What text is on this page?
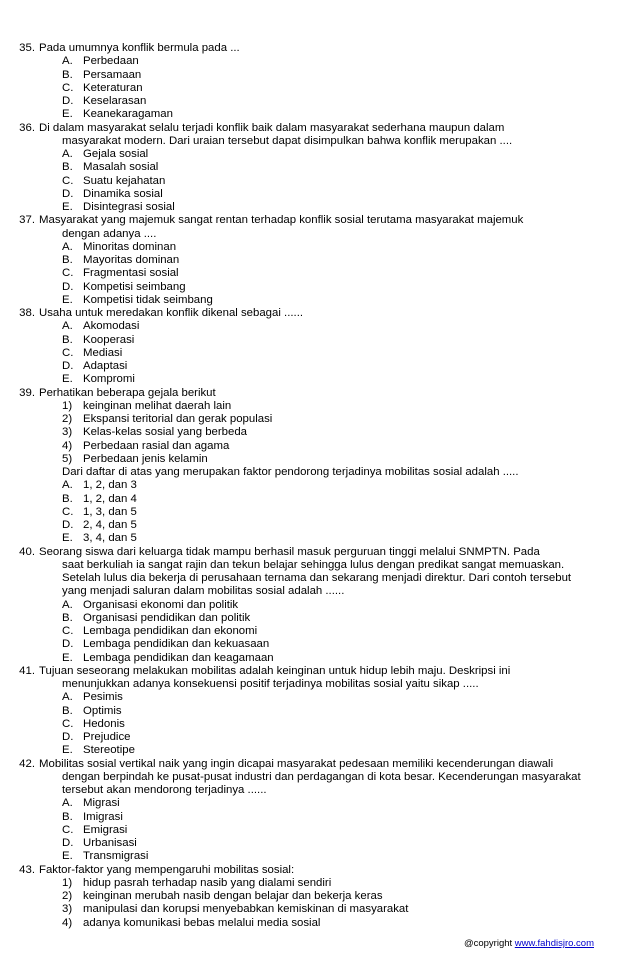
35. Pada umumnya konflik bermula pada ...
A. Perbedaan
B. Persamaan
C. Keteraturan
D. Keselarasan
E. Keanekaragaman
36. Di dalam masyarakat selalu terjadi konflik baik dalam masyarakat sederhana maupun dalam
masyarakat modern. Dari uraian tersebut dapat disimpulkan bahwa konflik merupakan ....
A. Gejala sosial
B. Masalah sosial
C. Suatu kejahatan
D. Dinamika sosial
E. Disintegrasi sosial
37. Masyarakat yang majemuk sangat rentan terhadap konflik sosial terutama masyarakat majemuk
dengan adanya ....
A. Minoritas dominan
B. Mayoritas dominan
C. Fragmentasi sosial
D. Kompetisi seimbang
E. Kompetisi tidak seimbang
38. Usaha untuk meredakan konflik dikenal sebagai ......
A. Akomodasi
B. Kooperasi
C. Mediasi
D. Adaptasi
E. Kompromi
39. Perhatikan beberapa gejala berikut
1) keinginan melihat daerah lain
2) Ekspansi teritorial dan gerak populasi
3) Kelas-kelas sosial yang berbeda
4) Perbedaan rasial dan agama
5) Perbedaan jenis kelamin
Dari daftar di atas yang merupakan faktor pendorong terjadinya mobilitas sosial adalah .....
A. 1, 2, dan 3
B. 1, 2, dan 4
C. 1, 3, dan 5
D. 2, 4, dan 5
E. 3, 4, dan 5
40. Seorang siswa dari keluarga tidak mampu berhasil masuk perguruan tinggi melalui SNMPTN. Pada
saat berkuliah ia sangat rajin dan tekun belajar sehingga lulus dengan predikat sangat memuaskan.
Setelah lulus dia bekerja di perusahaan ternama dan sekarang menjadi direktur. Dari contoh tersebut
yang menjadi saluran dalam mobilitas sosial adalah ......
A. Organisasi ekonomi dan politik
B. Organisasi pendidikan dan politik
C. Lembaga pendidikan dan ekonomi
D. Lembaga pendidikan dan kekuasaan
E. Lembaga pendidikan dan keagamaan
41. Tujuan seseorang melakukan mobilitas adalah keinginan untuk hidup lebih maju. Deskripsi ini
menunjukkan adanya konsekuensi positif terjadinya mobilitas sosial yaitu sikap .....
A. Pesimis
B. Optimis
C. Hedonis
D. Prejudice
E. Stereotipe
42. Mobilitas sosial vertikal naik yang ingin dicapai masyarakat pedesaan memiliki kecenderungan diawali
dengan berpindah ke pusat-pusat industri dan perdagangan di kota besar. Kecenderungan masyarakat
tersebut akan mendorong terjadinya ......
A. Migrasi
B. Imigrasi
C. Emigrasi
D. Urbanisasi
E. Transmigrasi
43. Faktor-faktor yang mempengaruhi mobilitas sosial:
1) hidup pasrah terhadap nasib yang dialami sendiri
2) keinginan merubah nasib dengan belajar dan bekerja keras
3) manipulasi dan korupsi menyebabkan kemiskinan di masyarakat
4) adanya komunikasi bebas melalui media sosial
@copyright www.fahdisjro.com
